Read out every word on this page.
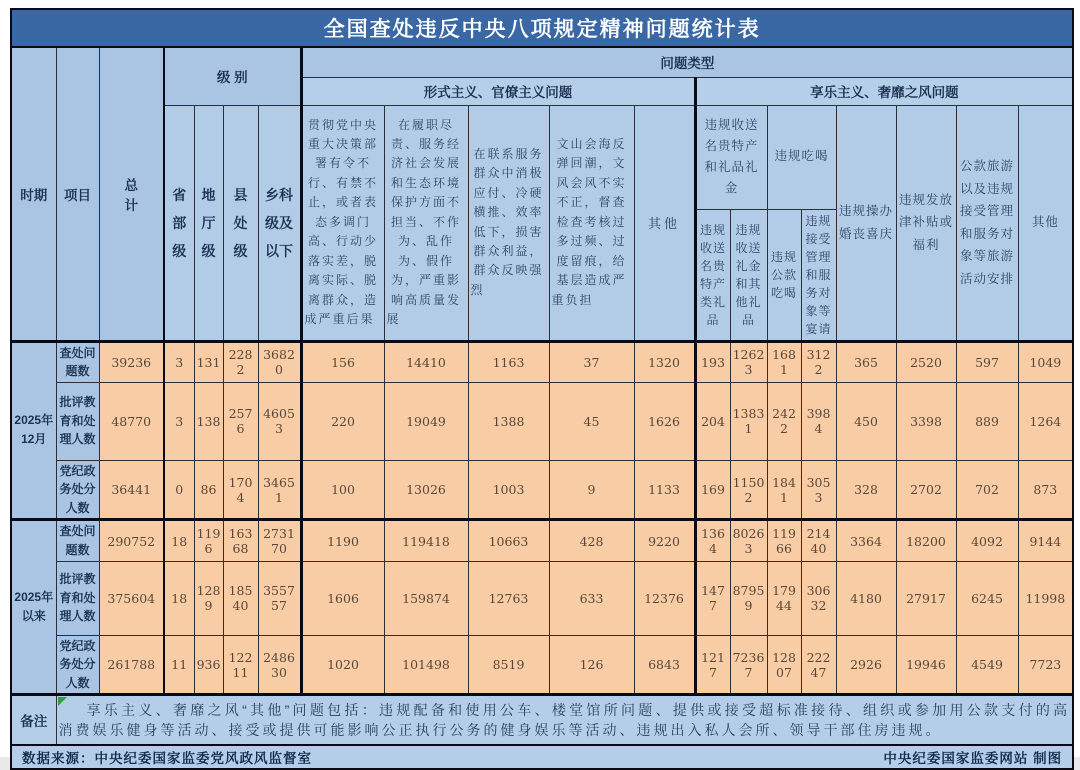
全国查处违反中央八项规定精神问题统计表																			
时期	项目	总计	级 别				问题类型												
							形式主义、官僚主义问题					享乐主义、奢靡之风问题							
			省部级	地厅级	县处级	乡科级及以下	贯彻党中央重大决策部署有令不行、有禁不止，或者表态多调门高、行动少落实差，脱离实际、脱离群众，造成严重后果	在履职尽责、服务经济社会发展和生态环境保护方面不担当、不作为、乱作为、假作为，严重影响高质量发展	在联系服务群众中消极应付、冷硬横推、效率低下，损害群众利益，群众反映强烈	文山会海反弹回潮，文风会风不实不正，督查检查考核过多过频、过度留痕，给基层造成严重负担	其他	违规收送名贵特产和礼品礼金		违规吃喝		违规操办婚丧喜庆	违规发放津补贴或福利	公款旅游以及违规接受管理和服务对象等旅游活动安排	其他
												违规收送名贵特产类礼品	违规收送礼金和其他礼品	违规公款吃喝	违规接受管理和服务对象等宴请				
2025年12月	查处问题数	39236	3	131	2282	36820	156	14410	1163	37	1320	193	12623	1681	3122	365	2520	597	1049
	批评教育和处理人数	48770	3	138	2576	46053	220	19049	1388	45	1626	204	13831	2422	3984	450	3398	889	1264
	党纪政务处分人数	36441	0	86	1704	34651	100	13026	1003	9	1133	169	11502	1841	3053	328	2702	702	873
2025年以来	查处问题数	290752	18	1196	16368	273170	1190	119418	10663	428	9220	1364	80263	11966	21440	3364	18200	4092	9144
	批评教育和处理人数	375604	18	1289	18540	355757	1606	159874	12763	633	12376	1477	87959	17944	30632	4180	27917	6245	11998
	党纪政务处分人数	261788	11	936	12211	248630	1020	101498	8519	126	6843	1217	72367	12807	22247	2926	19946	4549	7723
备注	享乐主义、奢靡之风“其他”问题包括：违规配备和使用公车、楼堂馆所问题、提供或接受超标准接待、组织或参加用公款支付的高消费娱乐健身等活动、接受或提供可能影响公正执行公务的健身娱乐等活动、违规出入私人会所、领导干部住房违规。																		

数据来源：中央纪委国家监委党风政风监督室 中央纪委国家监委网站 制图																			
